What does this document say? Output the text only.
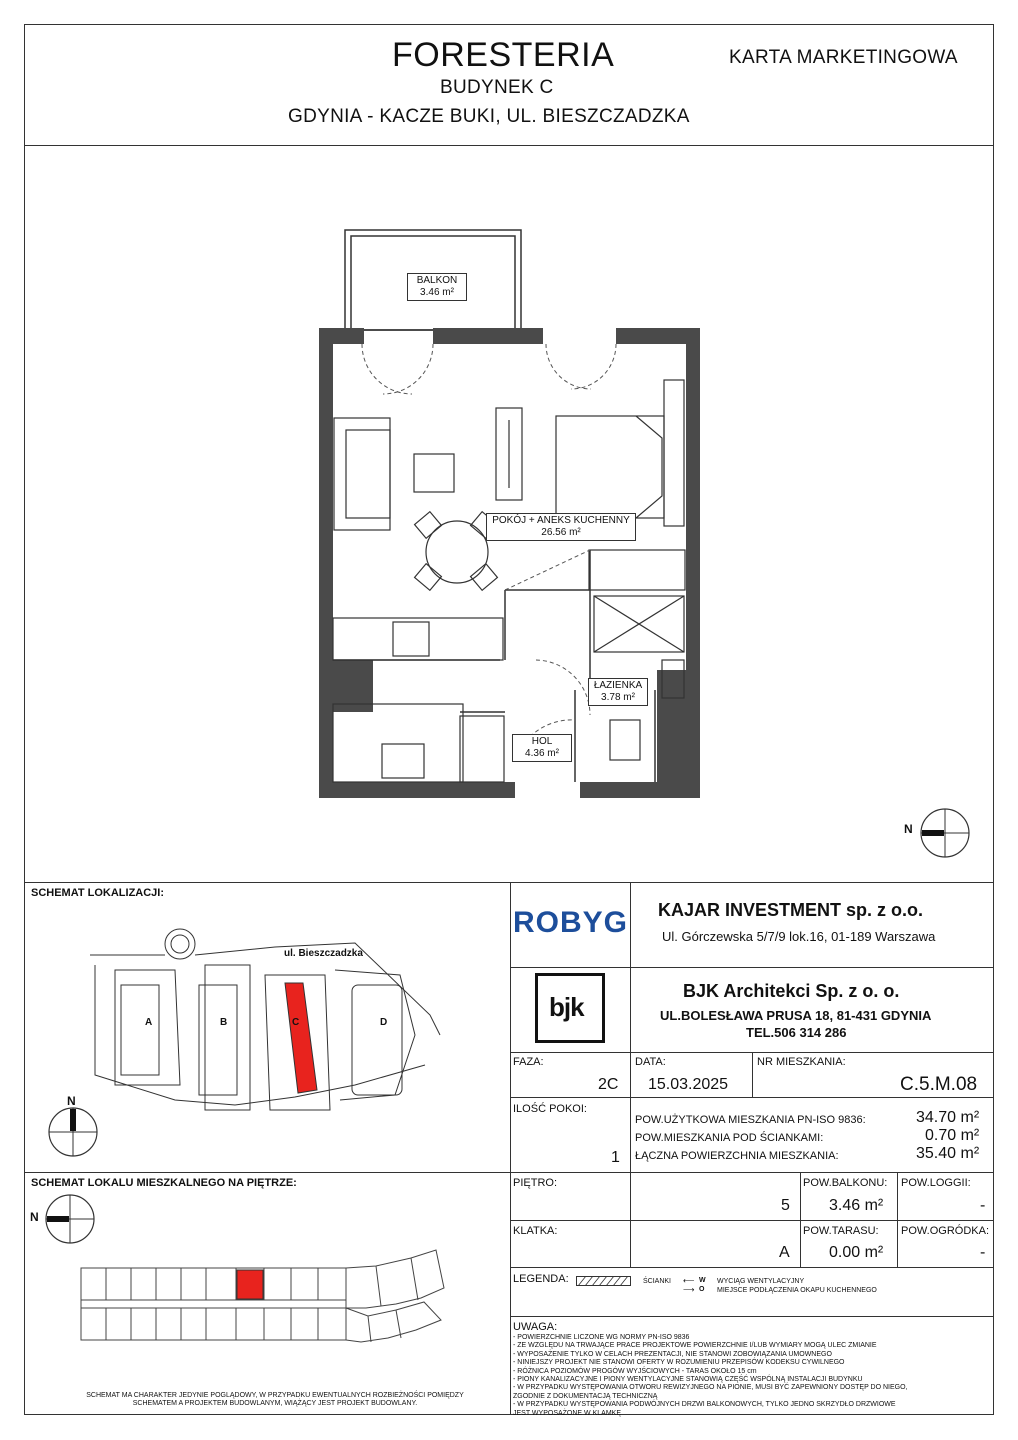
FORESTERIA
BUDYNEK C
GDYNIA - KACZE BUKI, UL. BIESZCZADZKA
KARTA MARKETINGOWA
BALKON
3.46 m²
POKÓJ + ANEKS KUCHENNY
26.56 m²
ŁAZIENKA
3.78 m²
HOL
4.36 m²
N
SCHEMAT LOKALIZACJI:
ul. Bieszczadzka
A	B	C	D
N
SCHEMAT MA CHARAKTER JEDYNIE POGLĄDOWY, W PRZYPADKU EWENTUALNYCH ROZBIEŻNOŚCI POMIĘDZY SCHEMATEM A PROJEKTEM BUDOWLANYM, WIĄŻĄCY JEST PROJEKT BUDOWLANY.
SCHEMAT LOKALU MIESZKALNEGO NA PIĘTRZE:
N
ROBYG KAJAR INVESTMENT sp. z o.o.
Ul. Górczewska 5/7/9 lok.16, 01-189 Warszawa
bjk
BJK Architekci Sp. z o. o.
UL.BOLESŁAWA PRUSA 18, 81-431 GDYNIA
TEL.506 314 286
FAZA:
2C
DATA:
15.03.2025
NR MIESZKANIA:
C.5.M.08
ILOŚĆ POKOI:
1
POW.UŻYTKOWA MIESZKANIA PN-ISO 9836:	34.70 m²
POW.MIESZKANIA POD ŚCIANKAMI:	0.70 m²
ŁĄCZNA POWIERZCHNIA MIESZKANIA:	35.40 m²
PIĘTRO:
5
POW.BALKONU:
3.46 m²
POW.LOGGII:
-
KLATKA:
A
POW.TARASU:
0.00 m²
POW.OGRÓDKA:
-
LEGENDA:	ŚCIANKI ⟵ W WYCIĄG WENTYLACYJNY
⟶ O MIEJSCE PODŁĄCZENIA OKAPU KUCHENNEGO
UWAGA:
- POWIERZCHNIE LICZONE WG NORMY PN-ISO 9836
- ZE WZGLĘDU NA TRWAJĄCE PRACE PROJEKTOWE POWIERZCHNIE I/LUB WYMIARY MOGĄ ULEC ZMIANIE
- WYPOSAŻENIE TYLKO W CELACH PREZENTACJI, NIE STANOWI ZOBOWIĄZANIA UMOWNEGO
- NINIEJSZY PROJEKT NIE STANOWI OFERTY W ROZUMIENIU PRZEPISÓW KODEKSU CYWILNEGO
- RÓŻNICA POZIOMÓW PROGÓW WYJŚCIOWYCH - TARAS OKOŁO 15 cm
- PIONY KANALIZACYJNE I PIONY WENTYLACYJNE STANOWIĄ CZĘŚĆ WSPÓLNĄ INSTALACJI BUDYNKU
- W PRZYPADKU WYSTĘPOWANIA OTWORU REWIZYJNEGO NA PIONIE, MUSI BYĆ ZAPEWNIONY DOSTĘP DO NIEGO,
ZGODNIE Z DOKUMENTACJĄ TECHNICZNĄ
- W PRZYPADKU WYSTĘPOWANIA PODWÓJNYCH DRZWI BALKONOWYCH, TYLKO JEDNO SKRZYDŁO DRZWIOWE
JEST WYPOSAŻONE W KLAMKĘ
